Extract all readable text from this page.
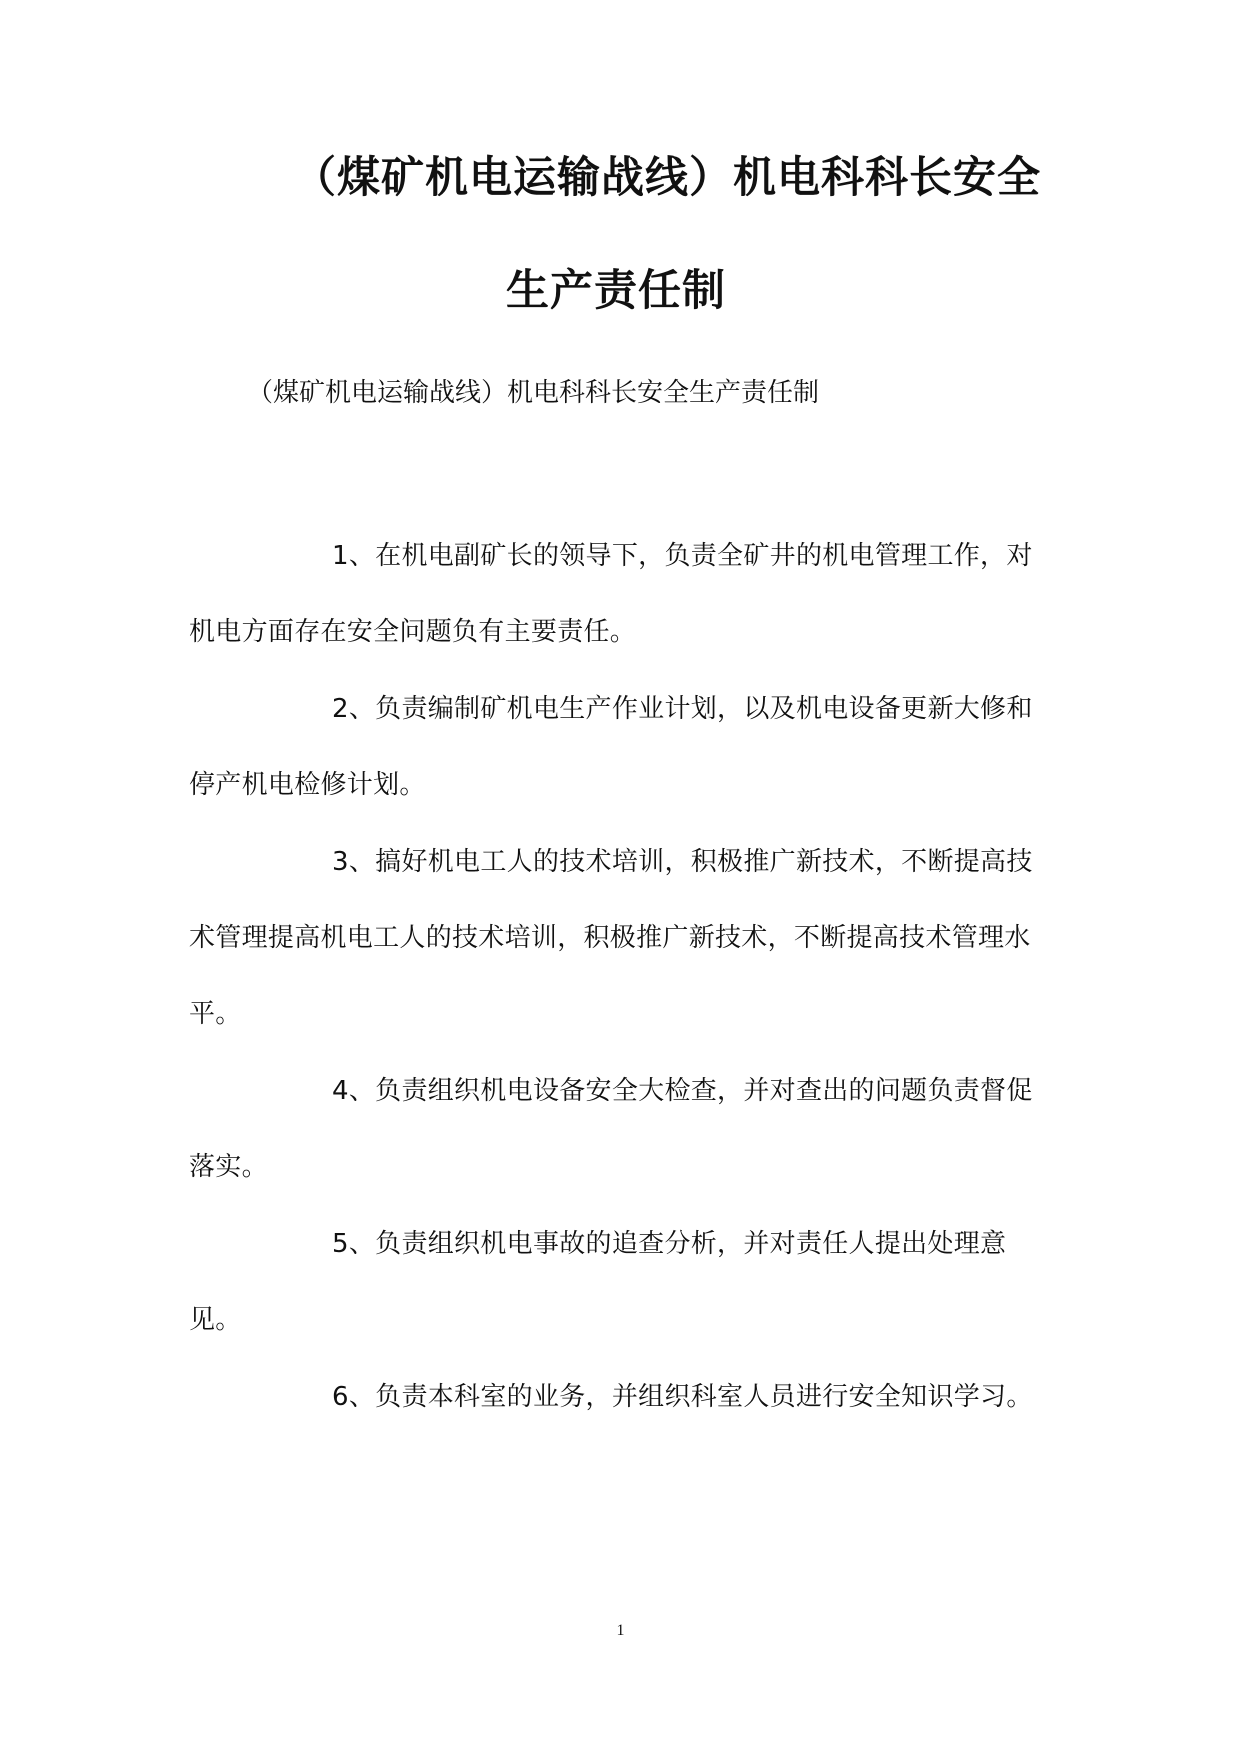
（煤矿机电运输战线）机电科科长安全
生产责任制

（煤矿机电运输战线）机电科科长安全生产责任制

1、在机电副矿长的领导下，负责全矿井的机电管理工作，对机电方面存在安全问题负有主要责任。
2、负责编制矿机电生产作业计划，以及机电设备更新大修和停产机电检修计划。
3、搞好机电工人的技术培训，积极推广新技术，不断提高技术管理提高机电工人的技术培训，积极推广新技术，不断提高技术管理水平。
4、负责组织机电设备安全大检查，并对查出的问题负责督促落实。
5、负责组织机电事故的追查分析，并对责任人提出处理意见。
6、负责本科室的业务，并组织科室人员进行安全知识学习。
1
